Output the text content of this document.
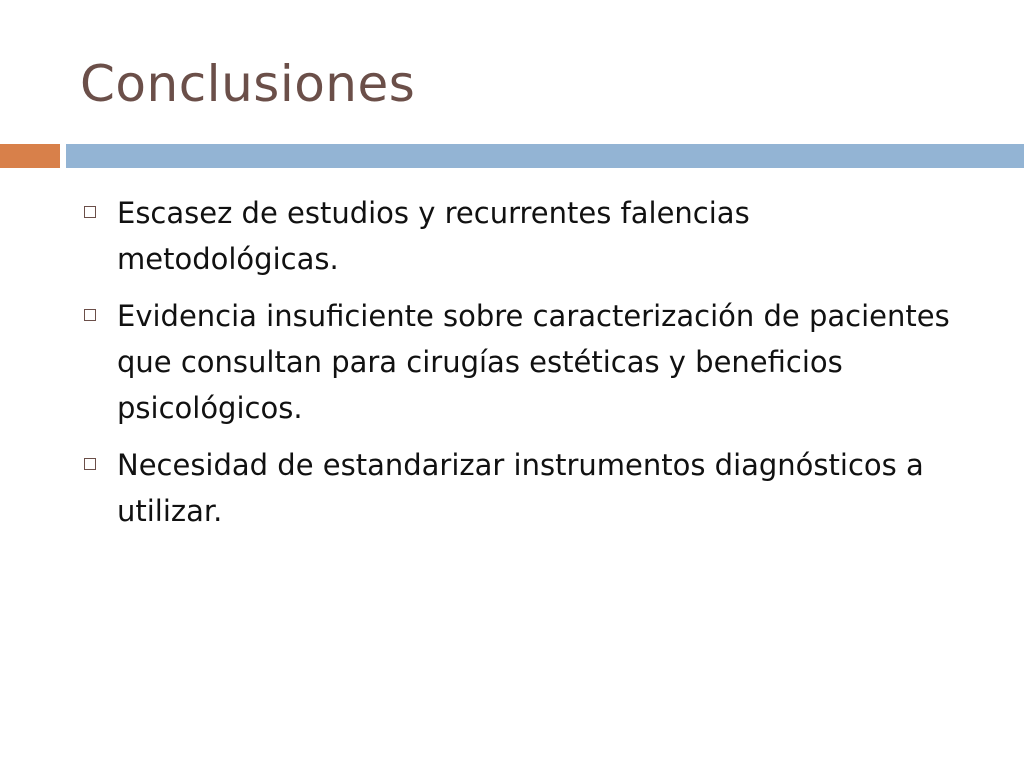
Conclusiones
Escasez de estudios y recurrentes falencias metodológicas.
Evidencia insuficiente sobre caracterización de pacientes que consultan para cirugías estéticas y beneficios psicológicos.
Necesidad de estandarizar instrumentos diagnósticos a utilizar.
